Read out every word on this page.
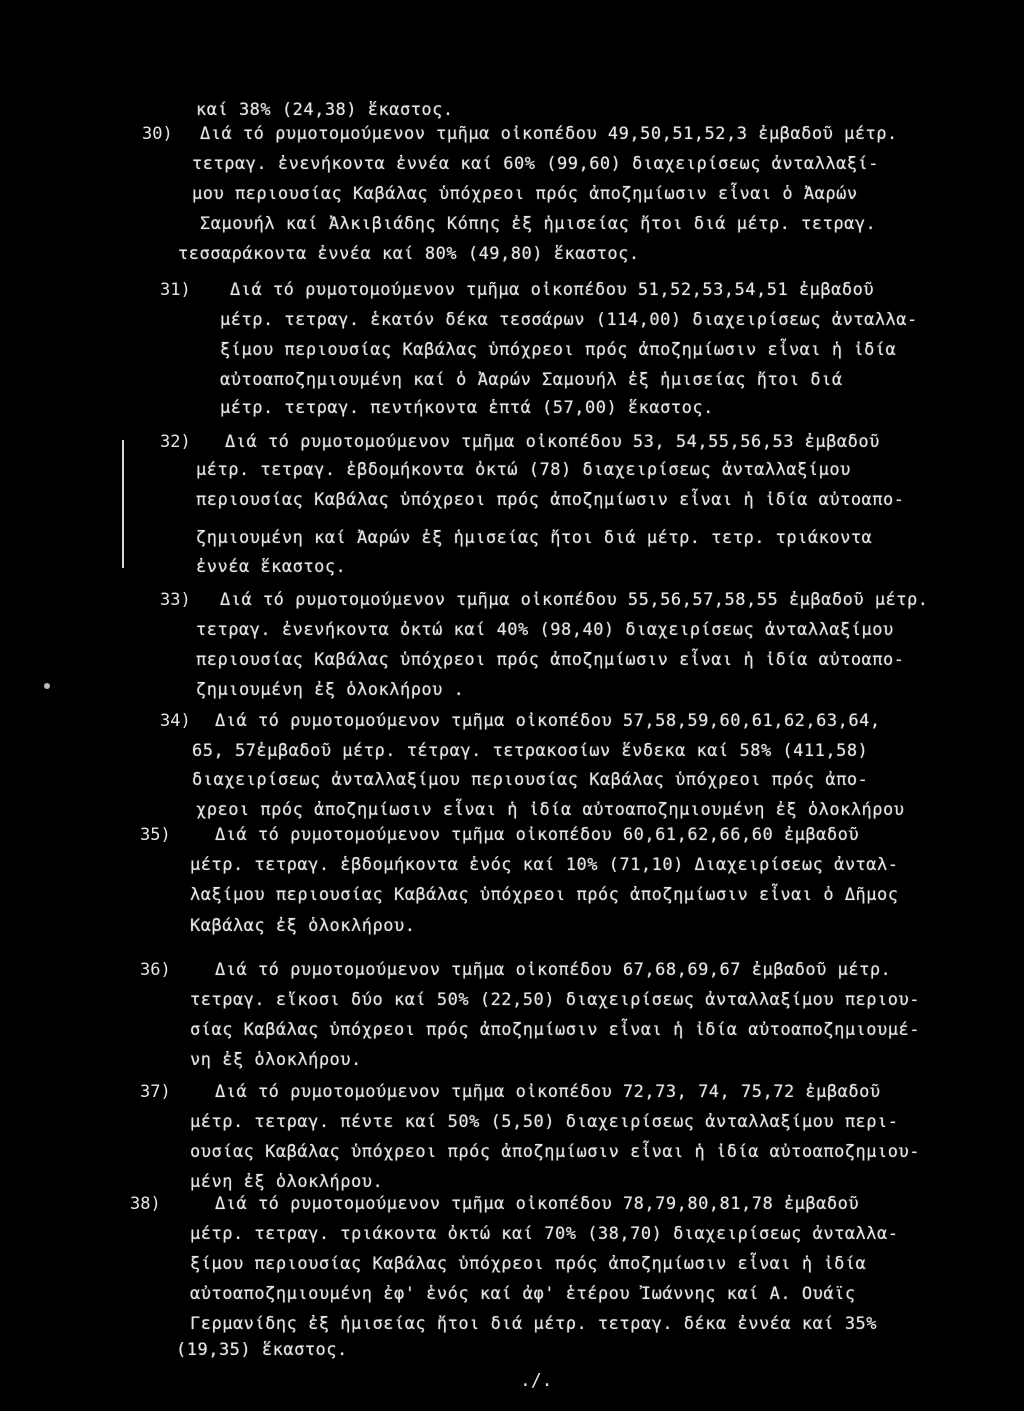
30)
31)
32)
33)
34)
35)
36)
37)
38)
καί 38% (24,38) ἕκαστος.
Διά τό ρυμοτομούμενον τμῆμα οἰκοπέδου 49,50,51,52,3 ἐμβαδοῦ μέτρ.
τετραγ. ἐνενήκοντα ἐννέα καί 60% (99,60) διαχειρίσεως ἀνταλλαξί-
μου περιουσίας Καβάλας ὑπόχρεοι πρός ἀποζημίωσιν εἶναι ὁ Ἀαρών
Σαμουήλ καί Ἀλκιβιάδης Κόπης ἐξ ἡμισείας ἤτοι διά μέτρ. τετραγ.
τεσσαράκοντα ἐννέα καί 80% (49,80) ἕκαστος.
Διά τό ρυμοτομούμενον τμῆμα οἰκοπέδου 51,52,53,54,51 ἐμβαδοῦ
μέτρ. τετραγ. ἑκατόν δέκα τεσσάρων (114,00) διαχειρίσεως ἀνταλλα-
ξίμου περιουσίας Καβάλας ὑπόχρεοι πρός ἀποζημίωσιν εἶναι ἡ ἰδία
αὐτοαποζημιουμένη καί ὁ Ἀαρών Σαμουήλ ἐξ ἡμισείας ἤτοι διά
μέτρ. τετραγ. πεντήκοντα ἑπτά (57,00) ἕκαστος.
Διά τό ρυμοτομούμενον τμῆμα οἰκοπέδου 53, 54,55,56,53 ἐμβαδοῦ
μέτρ. τετραγ. ἑβδομήκοντα ὀκτώ (78) διαχειρίσεως ἀνταλλαξίμου
περιουσίας Καβάλας ὑπόχρεοι πρός ἀποζημίωσιν εἶναι ἡ ἰδία αὐτοαπο-
ζημιουμένη καί Ἀαρών ἐξ ἡμισείας ἤτοι διά μέτρ. τετρ. τριάκοντα
ἐννέα ἕκαστος.
Διά τό ρυμοτομούμενον τμῆμα οἰκοπέδου 55,56,57,58,55 ἐμβαδοῦ μέτρ.
τετραγ. ἐνενήκοντα ὀκτώ καί 40% (98,40) διαχειρίσεως ἀνταλλαξίμου
περιουσίας Καβάλας ὑπόχρεοι πρός ἀποζημίωσιν εἶναι ἡ ἰδία αὐτοαπο-
ζημιουμένη ἐξ ὁλοκλήρου .
Διά τό ρυμοτομούμενον τμῆμα οἰκοπέδου 57,58,59,60,61,62,63,64,
65, 57ἐμβαδοῦ μέτρ. τέτραγ. τετρακοσίων ἕνδεκα καί 58% (411,58)
διαχειρίσεως ἀνταλλαξίμου περιουσίας Καβάλας ὑπόχρεοι πρός ἀπο-
χρεοι πρός ἀποζημίωσιν εἶναι ἡ ἰδία αὐτοαποζημιουμένη ἐξ ὁλοκλήρου
Διά τό ρυμοτομούμενον τμῆμα οἰκοπέδου 60,61,62,66,60 ἐμβαδοῦ
μέτρ. τετραγ. ἑβδομήκοντα ἑνός καί 10% (71,10) Διαχειρίσεως ἀνταλ-
λαξίμου περιουσίας Καβάλας ὑπόχρεοι πρός ἀποζημίωσιν εἶναι ὁ Δῆμος
Καβάλας ἐξ ὁλοκλήρου.
Διά τό ρυμοτομούμενον τμῆμα οἰκοπέδου 67,68,69,67 ἐμβαδοῦ μέτρ.
τετραγ. εἴκοσι δύο καί 50% (22,50) διαχειρίσεως ἀνταλλαξίμου περιου-
σίας Καβάλας ὑπόχρεοι πρός ἀποζημίωσιν εἶναι ἡ ἰδία αὐτοαποζημιουμέ-
νη ἐξ ὁλοκλήρου.
Διά τό ρυμοτομούμενον τμῆμα οἰκοπέδου 72,73, 74, 75,72 ἐμβαδοῦ
μέτρ. τετραγ. πέντε καί 50% (5,50) διαχειρίσεως ἀνταλλαξίμου περι-
ουσίας Καβάλας ὑπόχρεοι πρός ἀποζημίωσιν εἶναι ἡ ἰδία αὐτοαποζημιου-
μένη ἐξ ὁλοκλήρου.
Διά τό ρυμοτομούμενον τμῆμα οἰκοπέδου 78,79,80,81,78 ἐμβαδοῦ
μέτρ. τετραγ. τριάκοντα ὀκτώ καί 70% (38,70) διαχειρίσεως ἀνταλλα-
ξίμου περιουσίας Καβάλας ὑπόχρεοι πρός ἀποζημίωσιν εἶναι ἡ ἰδία
αὐτοαποζημιουμένη ἐφ' ἑνός καί ἀφ' ἑτέρου Ἰωάννης καί Α. Ουάϊς
Γερμανίδης ἐξ ἡμισείας ἤτοι διά μέτρ. τετραγ. δέκα ἐννέα καί 35%
(19,35) ἕκαστος.
./.
